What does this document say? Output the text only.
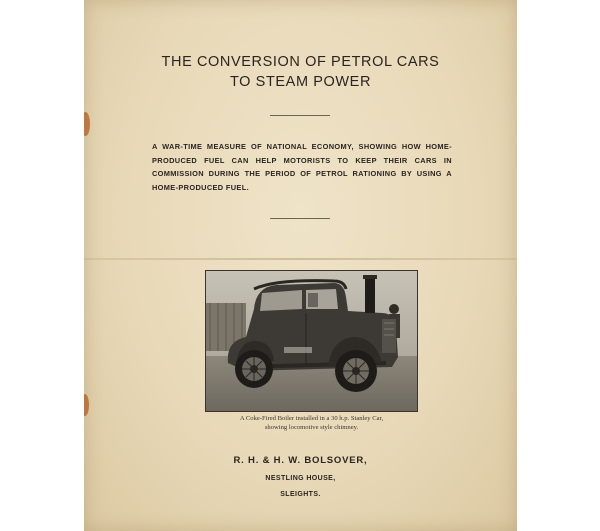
THE CONVERSION OF PETROL CARS
TO STEAM POWER
A WAR-TIME MEASURE OF NATIONAL ECONOMY, SHOWING HOW HOME-PRODUCED FUEL CAN HELP MOTORISTS TO KEEP THEIR CARS IN COMMISSION DURING THE PERIOD OF PETROL RATIONING BY USING A HOME-PRODUCED FUEL.
A Coke-Fired Boiler installed in a 30 h.p. Stanley Car,
showing locomotive style chimney.
R. H. & H. W. BOLSOVER,
NESTLING HOUSE,
SLEIGHTS.
